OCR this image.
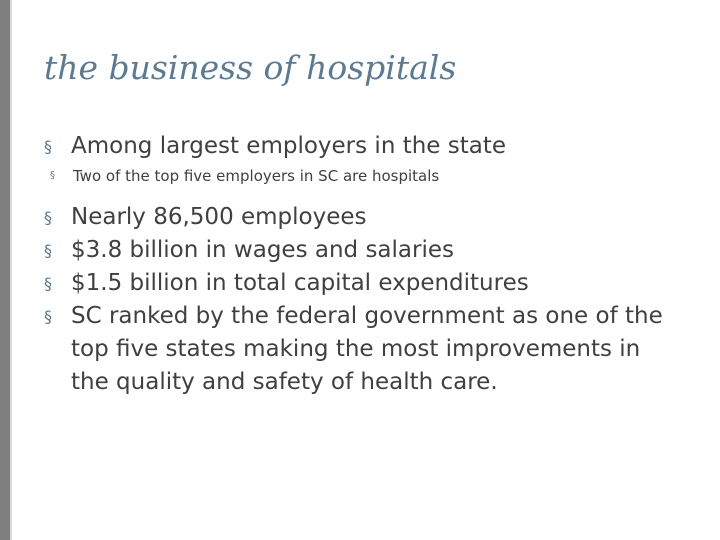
the business of hospitals
§ Among largest employers in the state
§ Two of the top five employers in SC are hospitals
§ Nearly 86,500 employees
§ $3.8 billion in wages and salaries
§ $1.5 billion in total capital expenditures
§ SC ranked by the federal government as one of the top five states making the most improvements in the quality and safety of health care.
